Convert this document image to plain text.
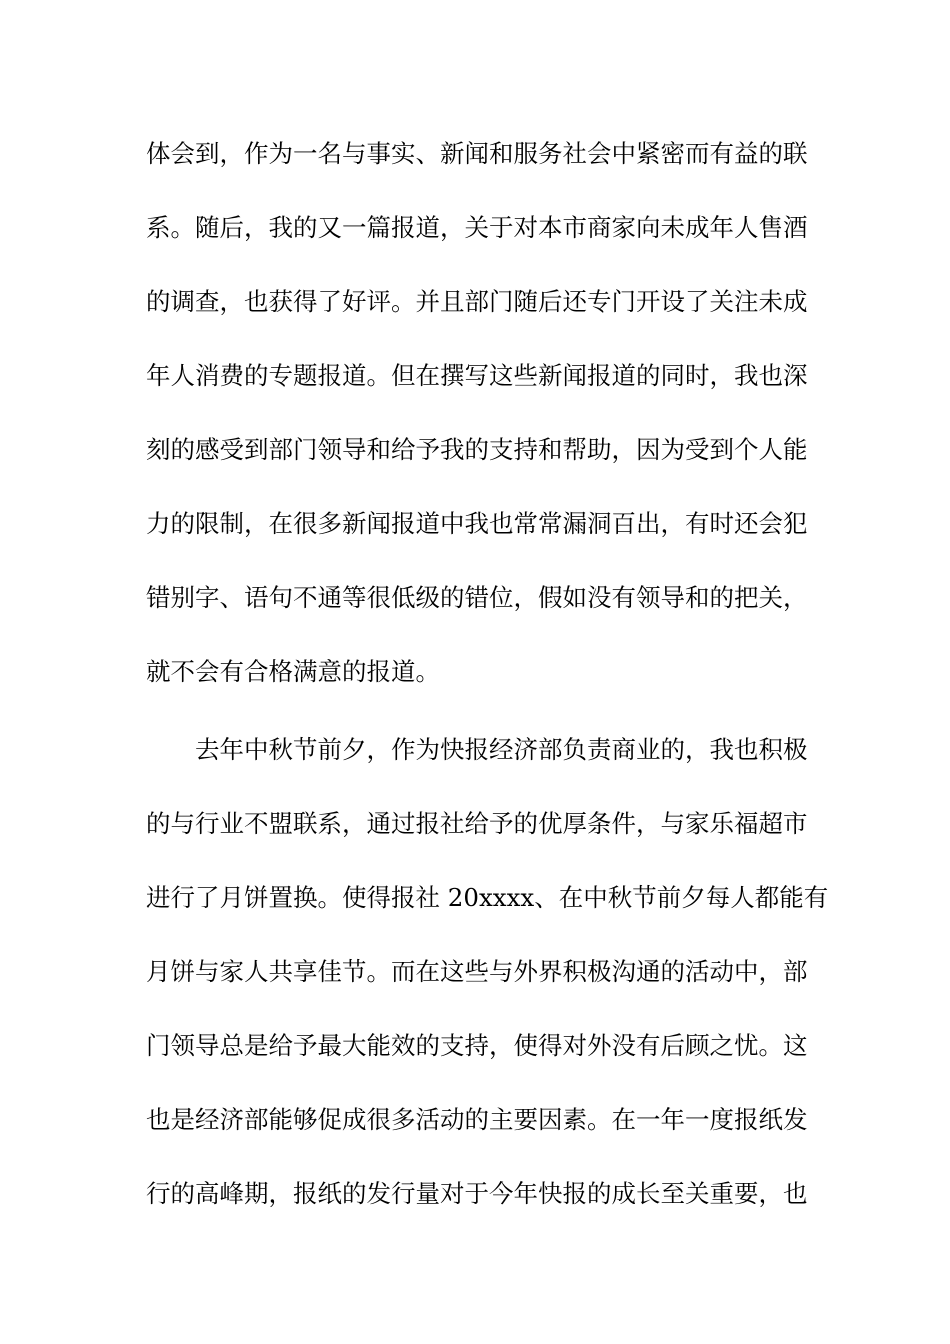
体会到，作为一名与事实、新闻和服务社会中紧密而有益的联
系。随后，我的又一篇报道，关于对本市商家向未成年人售酒
的调查，也获得了好评。并且部门随后还专门开设了关注未成
年人消费的专题报道。但在撰写这些新闻报道的同时，我也深
刻的感受到部门领导和给予我的支持和帮助，因为受到个人能
力的限制，在很多新闻报道中我也常常漏洞百出，有时还会犯
错别字、语句不通等很低级的错位，假如没有领导和的把关，
就不会有合格满意的报道。
去年中秋节前夕，作为快报经济部负责商业的，我也积极
的与行业不盟联系，通过报社给予的优厚条件，与家乐福超市
进行了月饼置换。使得报社 20xxxx、在中秋节前夕每人都能有
月饼与家人共享佳节。而在这些与外界积极沟通的活动中，部
门领导总是给予最大能效的支持，使得对外没有后顾之忧。这
也是经济部能够促成很多活动的主要因素。在一年一度报纸发
行的高峰期，报纸的发行量对于今年快报的成长至关重要，也
